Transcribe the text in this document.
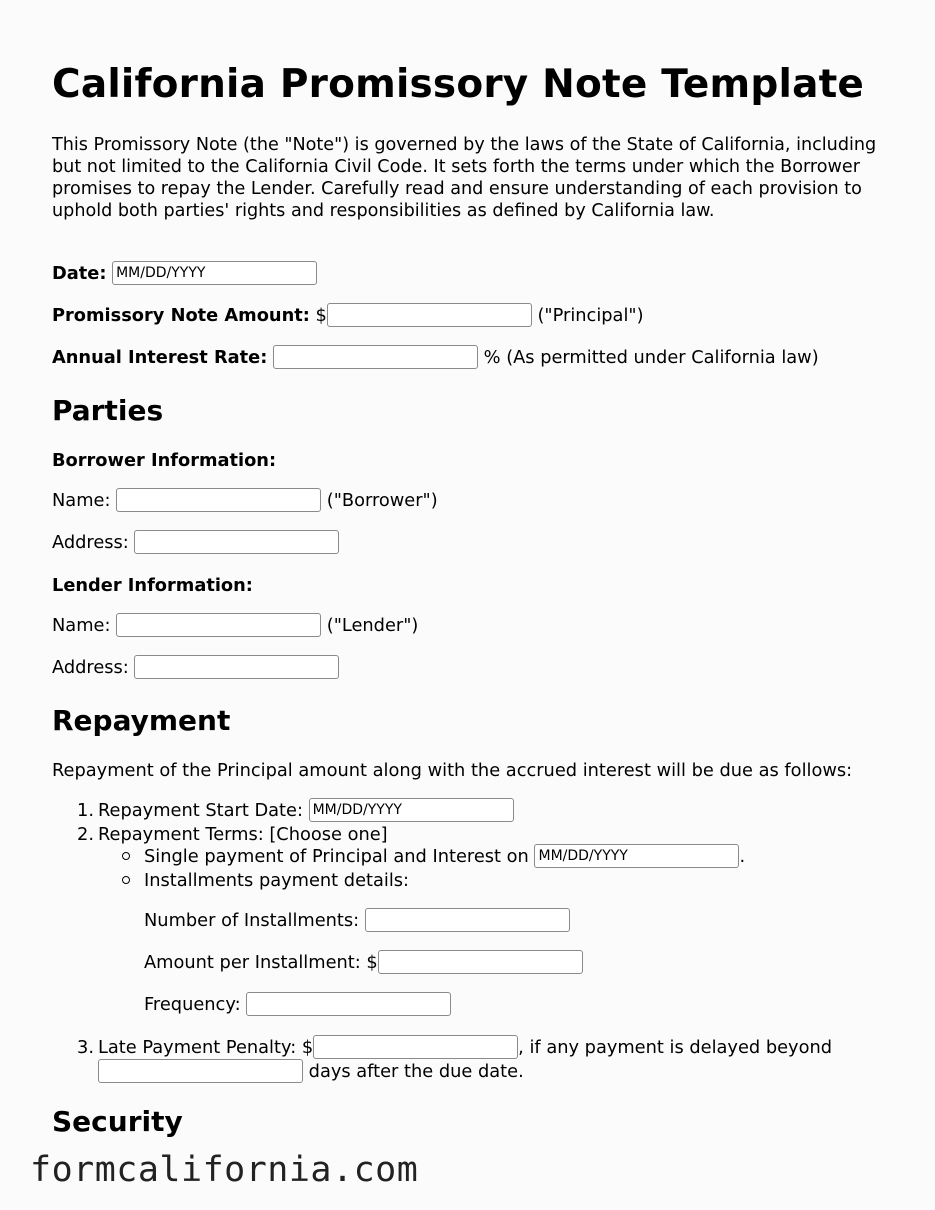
California Promissory Note Template

This Promissory Note (the "Note") is governed by the laws of the State of California, including but not limited to the California Civil Code. It sets forth the terms under which the Borrower promises to repay the Lender. Carefully read and ensure understanding of each provision to uphold both parties' rights and responsibilities as defined by California law.

Date: MM/DD/YYYY
Promissory Note Amount: $	("Principal")
Annual Interest Rate:	% (As permitted under California law)
Parties
Borrower Information:
Name:	("Borrower")
Address:
Lender Information:
Name:	("Lender")
Address:
Repayment
Repayment of the Principal amount along with the accrued interest will be due as follows:
1. Repayment Start Date: MM/DD/YYYY
2. Repayment Terms: [Choose one]
Single payment of Principal and Interest on MM/DD/YYYY	.
Installments payment details:
Number of Installments:
Amount per Installment: $
Frequency:
3. Late Payment Penalty: $	, if any payment is delayed beyond
days after the due date.
Security
formcalifornia.com
